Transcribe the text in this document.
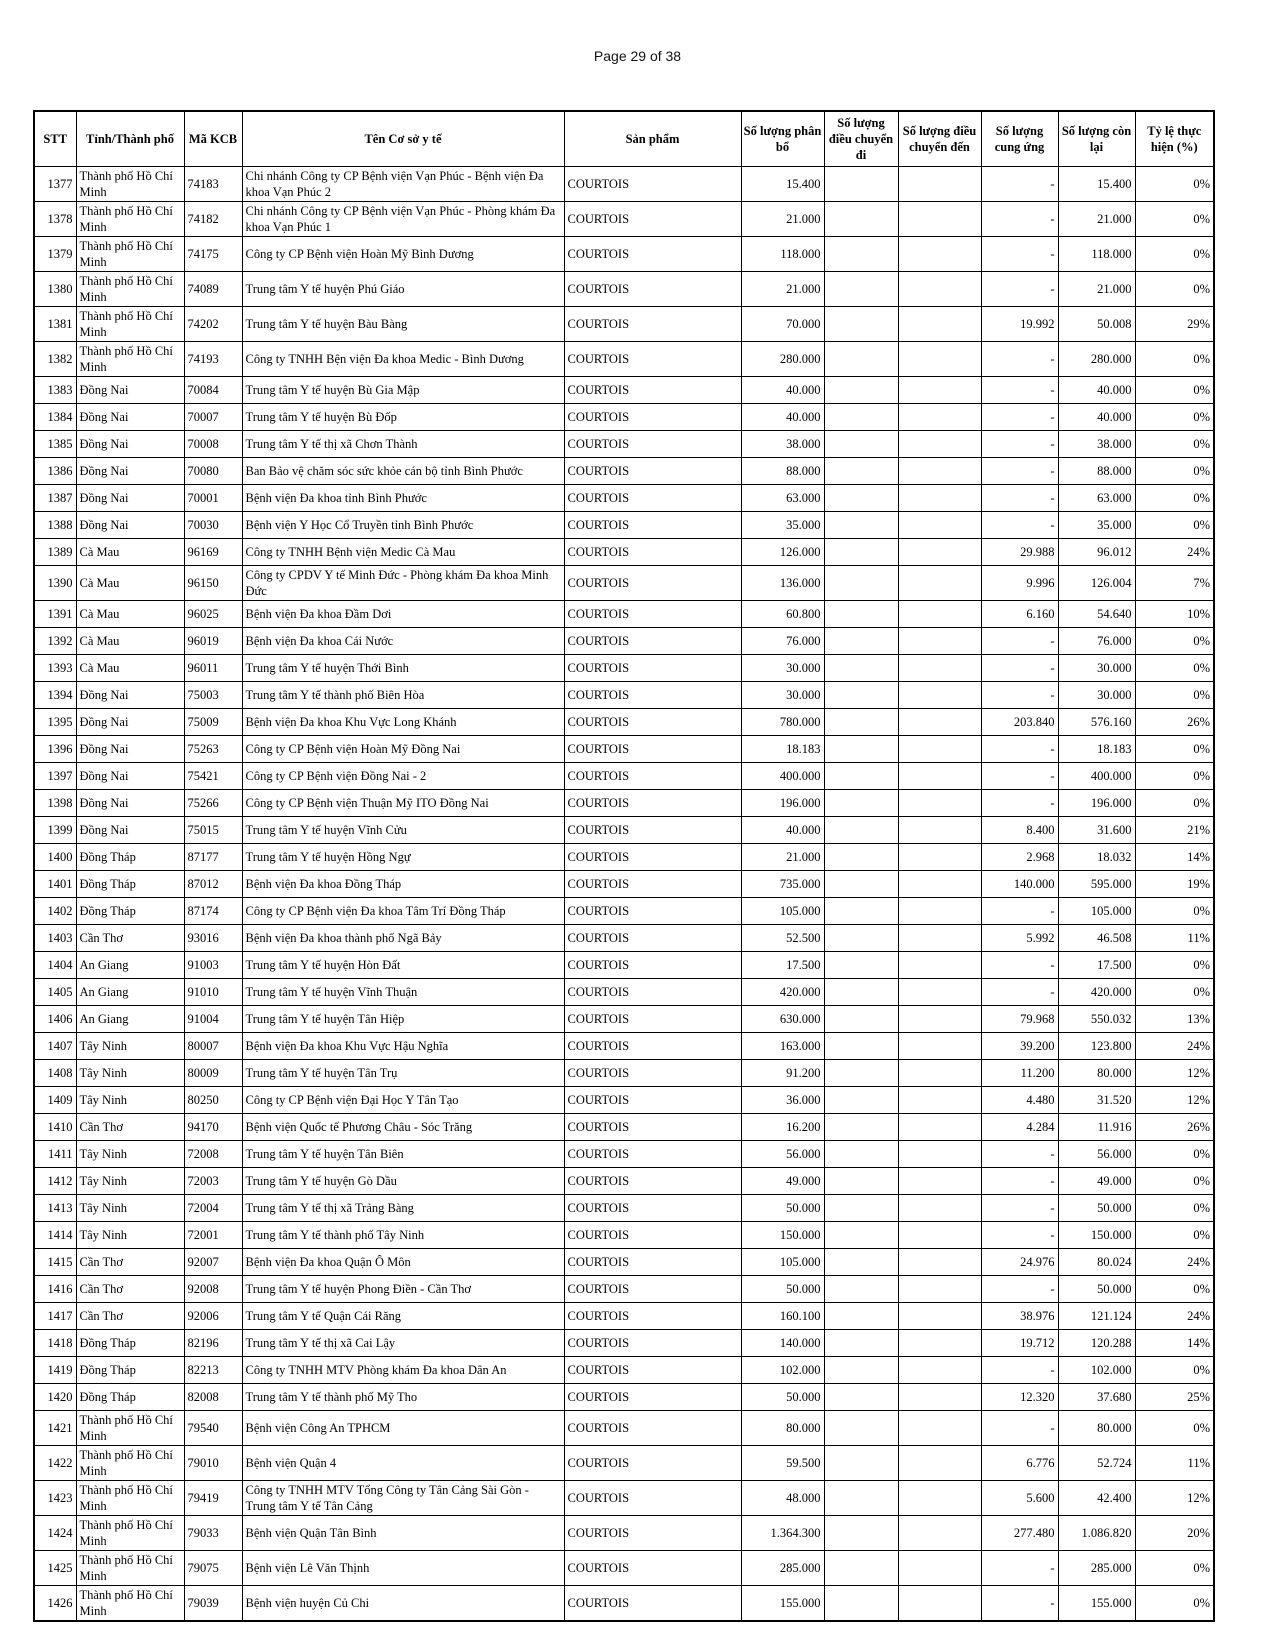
Page 29 of 38
STT	Tỉnh/Thành phố	Mã KCB	Tên Cơ sở y tế	Sản phẩm	Số lượng phân bổ	Số lượng điều chuyển đi	Số lượng điều chuyển đến	Số lượng cung ứng	Số lượng còn lại	Tỷ lệ thực hiện (%)
1377	Thành phố Hồ Chí Minh	74183	Chi nhánh Công ty CP Bệnh viện Vạn Phúc - Bệnh viện Đa khoa Vạn Phúc 2	COURTOIS	15.400			-	15.400	0%
1378	Thành phố Hồ Chí Minh	74182	Chi nhánh Công ty CP Bệnh viện Vạn Phúc - Phòng khám Đa khoa Vạn Phúc 1	COURTOIS	21.000			-	21.000	0%
1379	Thành phố Hồ Chí Minh	74175	Công ty CP Bệnh viện Hoàn Mỹ Bình Dương	COURTOIS	118.000			-	118.000	0%
1380	Thành phố Hồ Chí Minh	74089	Trung tâm Y tế huyện Phú Giáo	COURTOIS	21.000			-	21.000	0%
1381	Thành phố Hồ Chí Minh	74202	Trung tâm Y tế huyện Bàu Bàng	COURTOIS	70.000			19.992	50.008	29%
1382	Thành phố Hồ Chí Minh	74193	Công ty TNHH Bện viện Đa khoa Medic - Bình Dương	COURTOIS	280.000			-	280.000	0%
1383	Đồng Nai	70084	Trung tâm Y tế huyện Bù Gia Mập	COURTOIS	40.000			-	40.000	0%
1384	Đồng Nai	70007	Trung tâm Y tế huyện Bù Đốp	COURTOIS	40.000			-	40.000	0%
1385	Đồng Nai	70008	Trung tâm Y tế thị xã Chơn Thành	COURTOIS	38.000			-	38.000	0%
1386	Đồng Nai	70080	Ban Bảo vệ chăm sóc sức khỏe cán bộ tỉnh Bình Phước	COURTOIS	88.000			-	88.000	0%
1387	Đồng Nai	70001	Bệnh viện Đa khoa tỉnh Bình Phước	COURTOIS	63.000			-	63.000	0%
1388	Đồng Nai	70030	Bệnh viện Y Học Cổ Truyền tỉnh Bình Phước	COURTOIS	35.000			-	35.000	0%
1389	Cà Mau	96169	Công ty TNHH Bệnh viện Medic Cà Mau	COURTOIS	126.000			29.988	96.012	24%
1390	Cà Mau	96150	Công ty CPDV Y tế Minh Đức - Phòng khám Đa khoa Minh Đức	COURTOIS	136.000			9.996	126.004	7%
1391	Cà Mau	96025	Bệnh viện Đa khoa Đầm Dơi	COURTOIS	60.800			6.160	54.640	10%
1392	Cà Mau	96019	Bệnh viện Đa khoa Cái Nước	COURTOIS	76.000			-	76.000	0%
1393	Cà Mau	96011	Trung tâm Y tế huyện Thới Bình	COURTOIS	30.000			-	30.000	0%
1394	Đồng Nai	75003	Trung tâm Y tế thành phố Biên Hòa	COURTOIS	30.000			-	30.000	0%
1395	Đồng Nai	75009	Bệnh viện Đa khoa Khu Vực Long Khánh	COURTOIS	780.000			203.840	576.160	26%
1396	Đồng Nai	75263	Công ty CP Bệnh viện Hoàn Mỹ Đồng Nai	COURTOIS	18.183			-	18.183	0%
1397	Đồng Nai	75421	Công ty CP Bệnh viện Đồng Nai - 2	COURTOIS	400.000			-	400.000	0%
1398	Đồng Nai	75266	Công ty CP Bệnh viện Thuận Mỹ ITO Đồng Nai	COURTOIS	196.000			-	196.000	0%
1399	Đồng Nai	75015	Trung tâm Y tế huyện Vĩnh Cửu	COURTOIS	40.000			8.400	31.600	21%
1400	Đồng Tháp	87177	Trung tâm Y tế huyện Hồng Ngự	COURTOIS	21.000			2.968	18.032	14%
1401	Đồng Tháp	87012	Bệnh viện Đa khoa Đồng Tháp	COURTOIS	735.000			140.000	595.000	19%
1402	Đồng Tháp	87174	Công ty CP Bệnh viện Đa khoa Tâm Trí Đồng Tháp	COURTOIS	105.000			-	105.000	0%
1403	Cần Thơ	93016	Bệnh viện Đa khoa thành phố Ngã Bảy	COURTOIS	52.500			5.992	46.508	11%
1404	An Giang	91003	Trung tâm Y tế huyện Hòn Đất	COURTOIS	17.500			-	17.500	0%
1405	An Giang	91010	Trung tâm Y tế huyện Vĩnh Thuận	COURTOIS	420.000			-	420.000	0%
1406	An Giang	91004	Trung tâm Y tế huyện Tân Hiệp	COURTOIS	630.000			79.968	550.032	13%
1407	Tây Ninh	80007	Bệnh viện Đa khoa Khu Vực Hậu Nghĩa	COURTOIS	163.000			39.200	123.800	24%
1408	Tây Ninh	80009	Trung tâm Y tế huyện Tân Trụ	COURTOIS	91.200			11.200	80.000	12%
1409	Tây Ninh	80250	Công ty CP Bệnh viện Đại Học Y Tân Tạo	COURTOIS	36.000			4.480	31.520	12%
1410	Cần Thơ	94170	Bệnh viện Quốc tế Phương Châu - Sóc Trăng	COURTOIS	16.200			4.284	11.916	26%
1411	Tây Ninh	72008	Trung tâm Y tế huyện Tân Biên	COURTOIS	56.000			-	56.000	0%
1412	Tây Ninh	72003	Trung tâm Y tế huyện Gò Dầu	COURTOIS	49.000			-	49.000	0%
1413	Tây Ninh	72004	Trung tâm Y tế thị xã Trảng Bàng	COURTOIS	50.000			-	50.000	0%
1414	Tây Ninh	72001	Trung tâm Y tế thành phố Tây Ninh	COURTOIS	150.000			-	150.000	0%
1415	Cần Thơ	92007	Bệnh viện Đa khoa Quận Ô Môn	COURTOIS	105.000			24.976	80.024	24%
1416	Cần Thơ	92008	Trung tâm Y tế huyện Phong Điền - Cần Thơ	COURTOIS	50.000			-	50.000	0%
1417	Cần Thơ	92006	Trung tâm Y tế Quận Cái Răng	COURTOIS	160.100			38.976	121.124	24%
1418	Đồng Tháp	82196	Trung tâm Y tế thị xã Cai Lậy	COURTOIS	140.000			19.712	120.288	14%
1419	Đồng Tháp	82213	Công ty TNHH MTV Phòng khám Đa khoa Dân An	COURTOIS	102.000			-	102.000	0%
1420	Đồng Tháp	82008	Trung tâm Y tế thành phố Mỹ Tho	COURTOIS	50.000			12.320	37.680	25%
1421	Thành phố Hồ Chí Minh	79540	Bệnh viện Công An TPHCM	COURTOIS	80.000			-	80.000	0%
1422	Thành phố Hồ Chí Minh	79010	Bệnh viện Quận 4	COURTOIS	59.500			6.776	52.724	11%
1423	Thành phố Hồ Chí Minh	79419	Công ty TNHH MTV Tổng Công ty Tân Cảng Sài Gòn - Trung tâm Y tế Tân Cảng	COURTOIS	48.000			5.600	42.400	12%
1424	Thành phố Hồ Chí Minh	79033	Bệnh viện Quận Tân Bình	COURTOIS	1.364.300			277.480	1.086.820	20%
1425	Thành phố Hồ Chí Minh	79075	Bệnh viện Lê Văn Thịnh	COURTOIS	285.000			-	285.000	0%
1426	Thành phố Hồ Chí Minh	79039	Bệnh viện huyện Củ Chi	COURTOIS	155.000			-	155.000	0%
